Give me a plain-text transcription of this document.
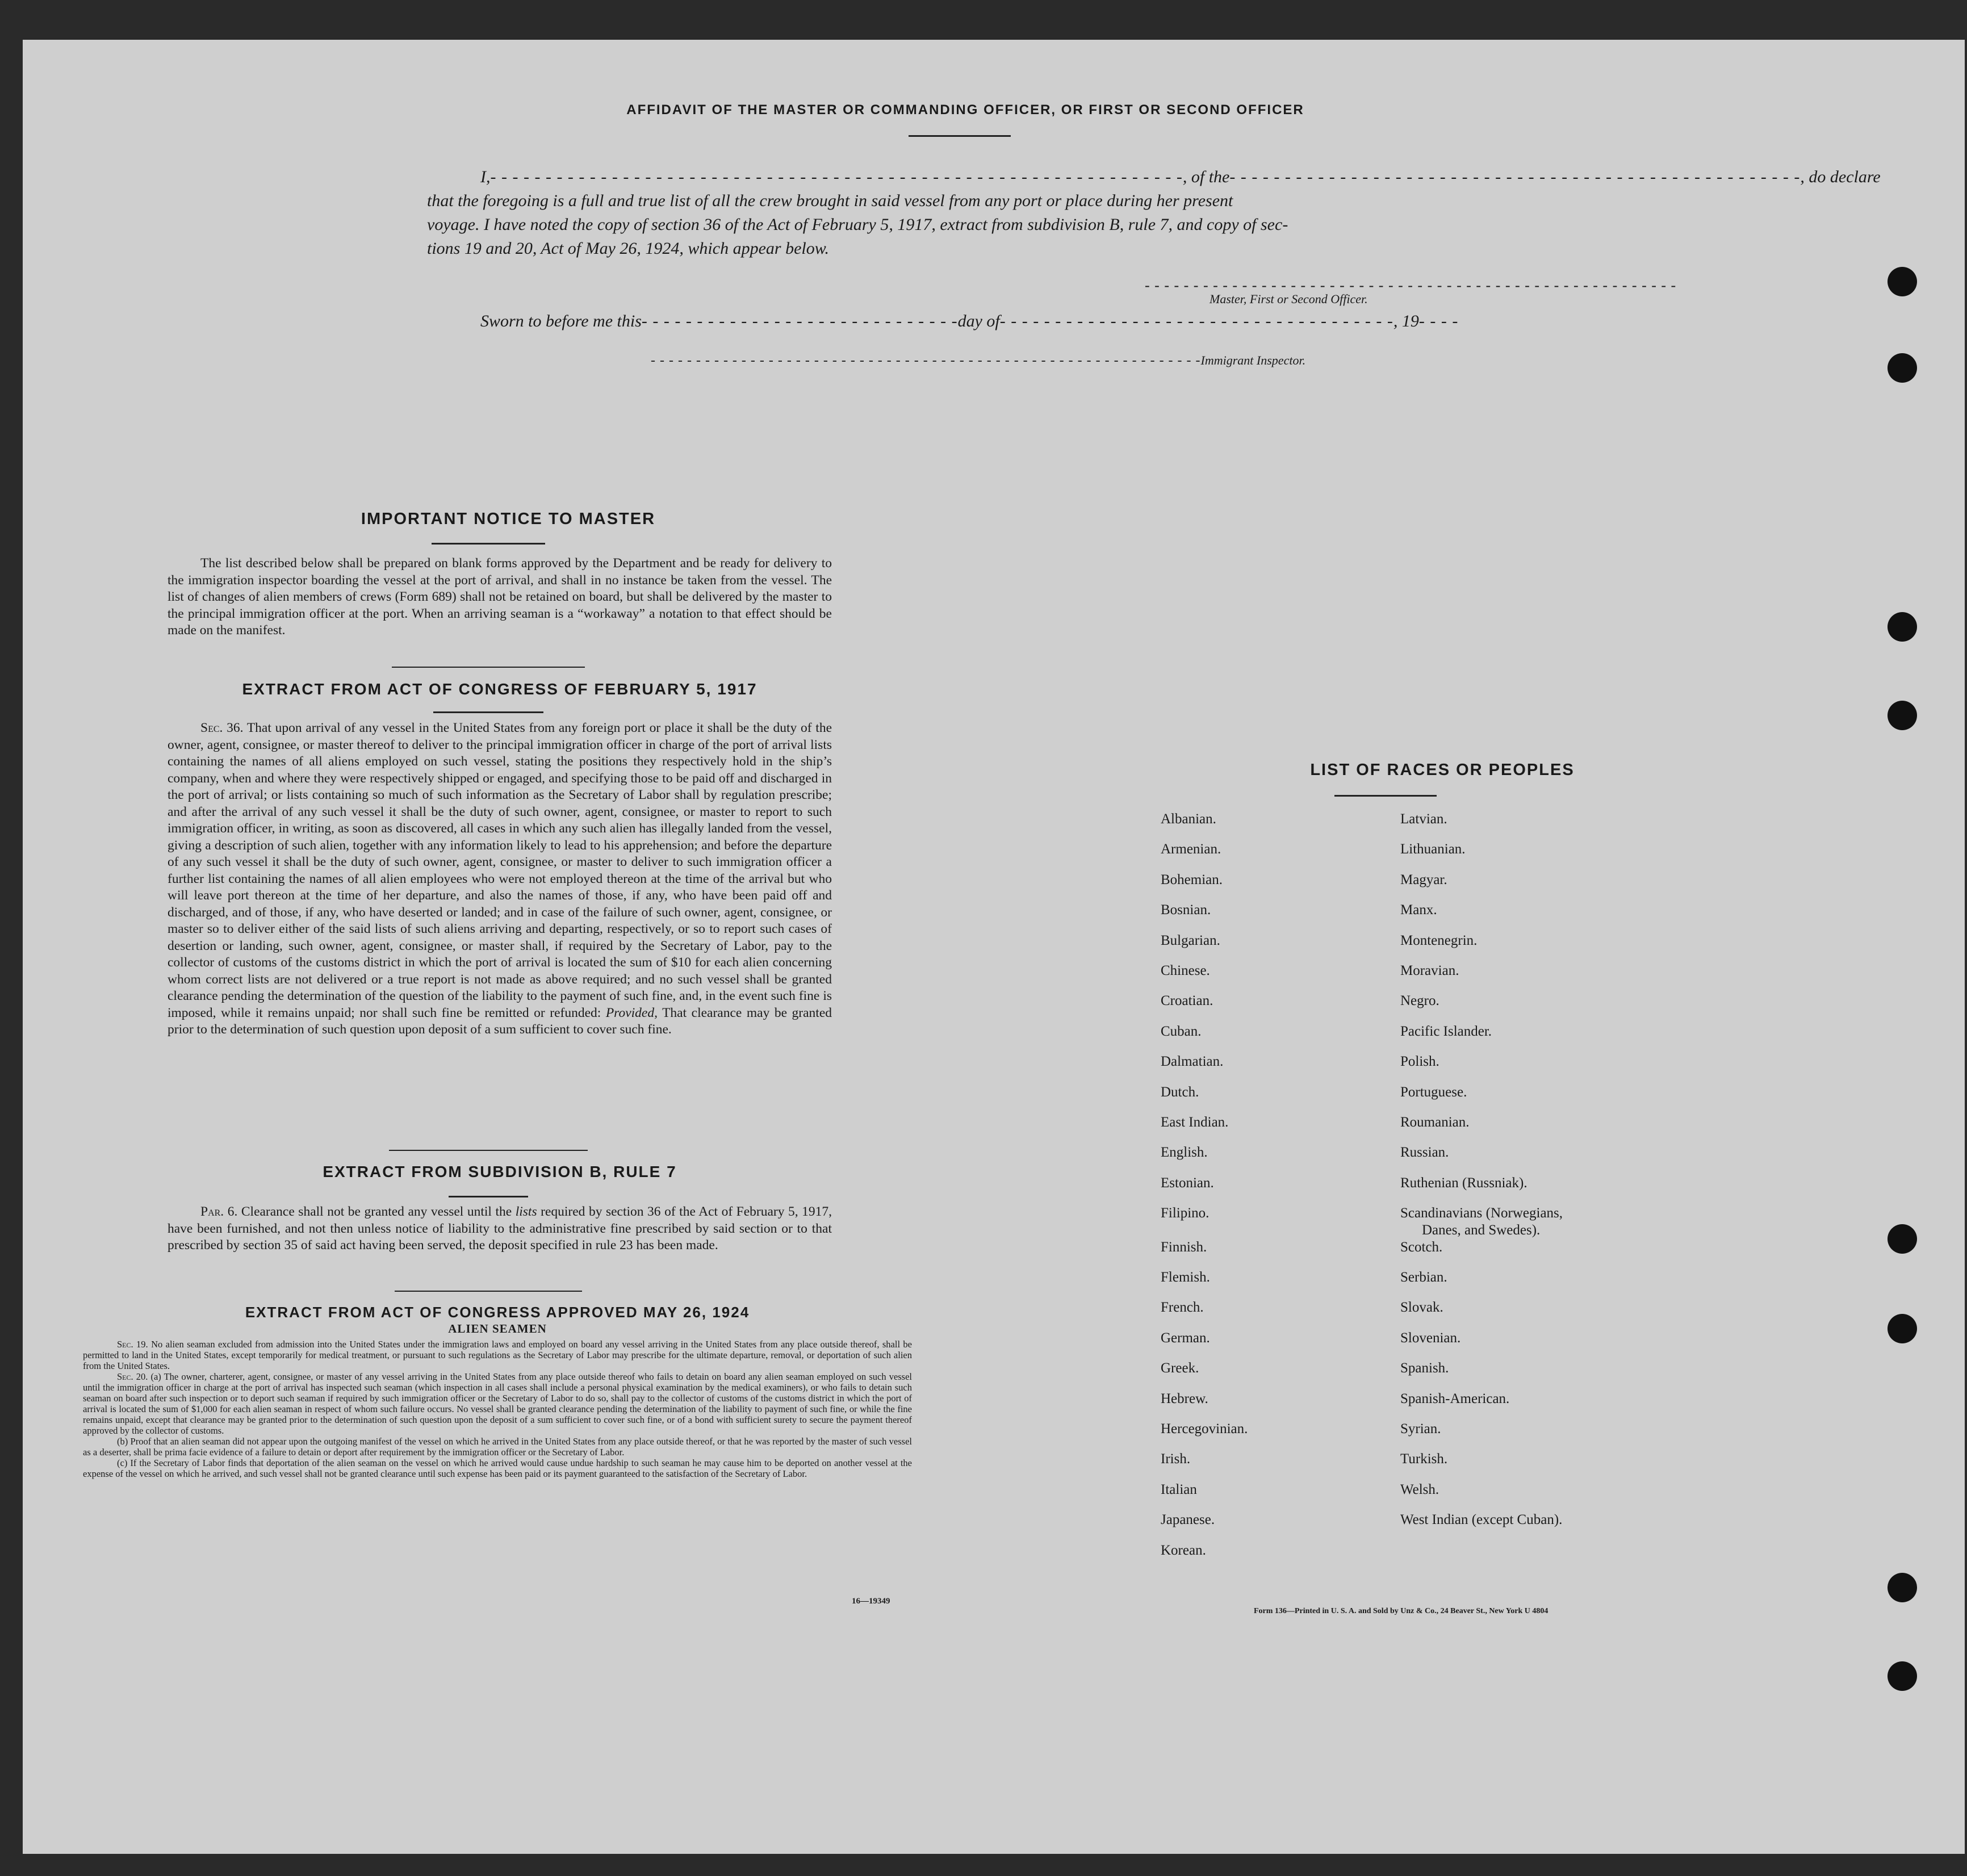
AFFIDAVIT OF THE MASTER OR COMMANDING OFFICER, OR FIRST OR SECOND OFFICER
I,- - - - - - - - - - - - - - - - - - - - - - - - - - - - - - - - - - - - - - - - - - - - - - - - - - - - - - - - - - - - - - -, of the- - - - - - - - - - - - - - - - - - - - - - - - - - - - - - - - - - - - - - - - - - - - - - - - - - - -, do declare
that the foregoing is a full and true list of all the crew brought in said vessel from any port or place during her present
voyage. I have noted the copy of section 36 of the Act of February 5, 1917, extract from subdivision B, rule 7, and copy of sec-
tions 19 and 20, Act of May 26, 1924, which appear below.
- - - - - - - - - - - - - - - - - - - - - - - - - - - - - - - - - - - - - - - - - - - - - - - - - - - - - - -
Master, First or Second Officer.
Sworn to before me this- - - - - - - - - - - - - - - - - - - - - - - - - - - - -day of- - - - - - - - - - - - - - - - - - - - - - - - - - - - - - - - - - - -, 19- - - -
- - - - - - - - - - - - - - - - - - - - - - - - - - - - - - - - - - - - - - - - - - - - - - - - - - - - - - - - - - - - -Immigrant Inspector.
IMPORTANT NOTICE TO MASTER
The list described below shall be prepared on blank forms approved by the Department and be ready for delivery to the immigration inspector boarding the vessel at the port of arrival, and shall in no instance be taken from the vessel. The list of changes of alien members of crews (Form 689) shall not be retained on board, but shall be delivered by the master to the principal immigration officer at the port. When an arriving seaman is a “workaway” a notation to that effect should be made on the manifest.
EXTRACT FROM ACT OF CONGRESS OF FEBRUARY 5, 1917
Sec. 36. That upon arrival of any vessel in the United States from any foreign port or place it shall be the duty of the owner, agent, consignee, or master thereof to deliver to the principal immigration officer in charge of the port of arrival lists containing the names of all aliens employed on such vessel, stating the positions they respectively hold in the ship’s company, when and where they were respectively shipped or engaged, and specifying those to be paid off and discharged in the port of arrival; or lists containing so much of such information as the Secretary of Labor shall by regulation prescribe; and after the arrival of any such vessel it shall be the duty of such owner, agent, consignee, or master to report to such immigration officer, in writing, as soon as discovered, all cases in which any such alien has illegally landed from the vessel, giving a description of such alien, together with any information likely to lead to his apprehension; and before the departure of any such vessel it shall be the duty of such owner, agent, consignee, or master to deliver to such immigration officer a further list containing the names of all alien employees who were not employed thereon at the time of the arrival but who will leave port thereon at the time of her departure, and also the names of those, if any, who have been paid off and discharged, and of those, if any, who have deserted or landed; and in case of the failure of such owner, agent, consignee, or master so to deliver either of the said lists of such aliens arriving and departing, respectively, or so to report such cases of desertion or landing, such owner, agent, consignee, or master shall, if required by the Secretary of Labor, pay to the collector of customs of the customs district in which the port of arrival is located the sum of $10 for each alien concerning whom correct lists are not delivered or a true report is not made as above required; and no such vessel shall be granted clearance pending the determination of the question of the liability to the payment of such fine, and, in the event such fine is imposed, while it remains unpaid; nor shall such fine be remitted or refunded: Provided, That clearance may be granted prior to the determination of such question upon deposit of a sum sufficient to cover such fine.
EXTRACT FROM SUBDIVISION B, RULE 7
Par. 6. Clearance shall not be granted any vessel until the lists required by section 36 of the Act of February 5, 1917, have been furnished, and not then unless notice of liability to the administrative fine prescribed by said section or to that prescribed by section 35 of said act having been served, the deposit specified in rule 23 has been made.
EXTRACT FROM ACT OF CONGRESS APPROVED MAY 26, 1924
ALIEN SEAMEN
Sec. 19. No alien seaman excluded from admission into the United States under the immigration laws and employed on board any vessel arriving in the United States from any place outside thereof, shall be permitted to land in the United States, except temporarily for medical treatment, or pursuant to such regulations as the Secretary of Labor may prescribe for the ultimate departure, removal, or deportation of such alien from the United States.
Sec. 20. (a) The owner, charterer, agent, consignee, or master of any vessel arriving in the United States from any place outside thereof who fails to detain on board any alien seaman employed on such vessel until the immigration officer in charge at the port of arrival has inspected such seaman (which inspection in all cases shall include a personal physical examination by the medical examiners), or who fails to detain such seaman on board after such inspection or to deport such seaman if required by such immigration officer or the Secretary of Labor to do so, shall pay to the collector of customs of the customs district in which the port of arrival is located the sum of $1,000 for each alien seaman in respect of whom such failure occurs. No vessel shall be granted clearance pending the determination of the liability to payment of such fine, or while the fine remains unpaid, except that clearance may be granted prior to the determination of such question upon the deposit of a sum sufficient to cover such fine, or of a bond with sufficient surety to secure the payment thereof approved by the collector of customs.
(b) Proof that an alien seaman did not appear upon the outgoing manifest of the vessel on which he arrived in the United States from any place outside thereof, or that he was reported by the master of such vessel as a deserter, shall be prima facie evidence of a failure to detain or deport after requirement by the immigration officer or the Secretary of Labor.
(c) If the Secretary of Labor finds that deportation of the alien seaman on the vessel on which he arrived would cause undue hardship to such seaman he may cause him to be deported on another vessel at the expense of the vessel on which he arrived, and such vessel shall not be granted clearance until such expense has been paid or its payment guaranteed to the satisfaction of the Secretary of Labor.
16—19349
LIST OF RACES OR PEOPLES
Form 136—Printed in U. S. A. and Sold by Unz & Co., 24 Beaver St., New York U 4804
Albanian.
Armenian.
Bohemian.
Bosnian.
Bulgarian.
Chinese.
Croatian.
Cuban.
Dalmatian.
Dutch.
East Indian.
English.
Estonian.
Filipino.
Finnish.
Flemish.
French.
German.
Greek.
Hebrew.
Hercegovinian.
Irish.
Italian
Japanese.
Korean.
Latvian.
Lithuanian.
Magyar.
Manx.
Montenegrin.
Moravian.
Negro.
Pacific Islander.
Polish.
Portuguese.
Roumanian.
Russian.
Ruthenian (Russniak).
Scandinavians (Norwegians,
Danes, and Swedes).
Scotch.
Serbian.
Slovak.
Slovenian.
Spanish.
Spanish-American.
Syrian.
Turkish.
Welsh.
West Indian (except Cuban).
